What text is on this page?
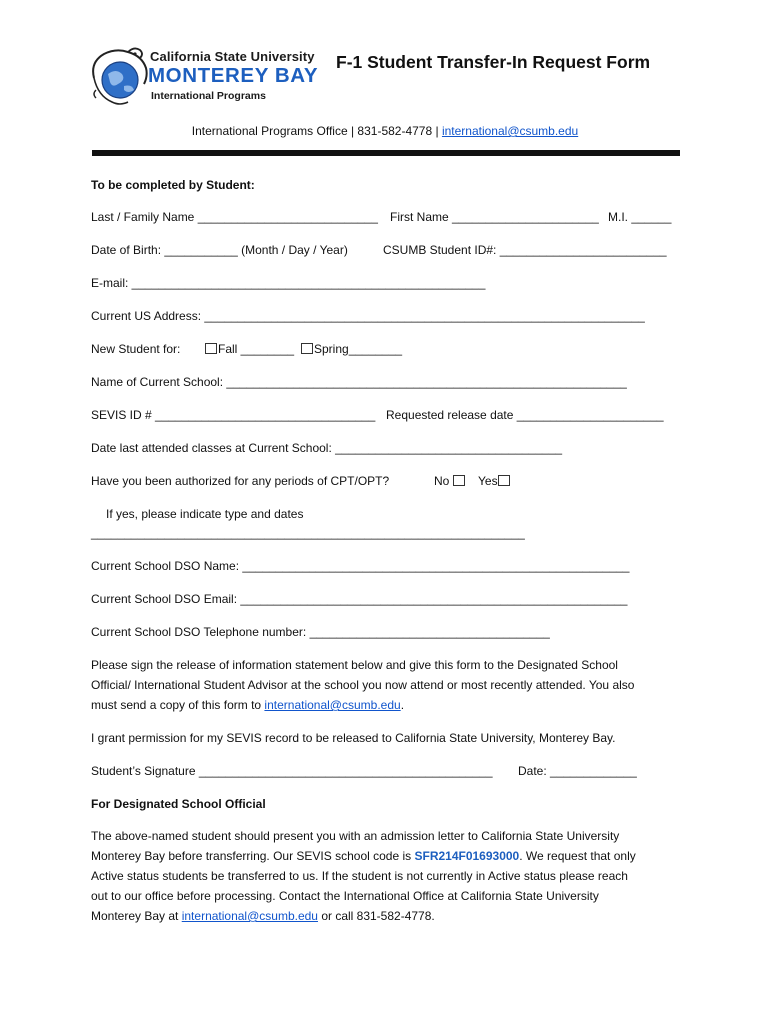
California State University
MONTEREY BAY
International Programs
F-1 Student Transfer-In Request Form
International Programs Office | 831-582-4778 | international@csumb.edu
To be completed by Student:
Last / Family Name ___________________________ First Name ______________________ M.I. ______
Date of Birth: ___________ (Month / Day / Year)	CSUMB Student ID#: _________________________
E-mail: _____________________________________________________
Current US Address: __________________________________________________________________
New Student for:	Fall ________	Spring________
Name of Current School: ____________________________________________________________
SEVIS ID # _________________________________ Requested release date ______________________
Date last attended classes at Current School: __________________________________
Have you been authorized for any periods of CPT/OPT?	No	Yes
If yes, please indicate type and dates
_________________________________________________________________
Current School DSO Name: __________________________________________________________
Current School DSO Email: __________________________________________________________
Current School DSO Telephone number: ____________________________________
Please sign the release of information statement below and give this form to the Designated School
Official/ International Student Advisor at the school you now attend or most recently attended. You also
must send a copy of this form to international@csumb.edu.
I grant permission for my SEVIS record to be released to California State University, Monterey Bay.
Student’s Signature ____________________________________________ Date: _____________
For Designated School Official
The above-named student should present you with an admission letter to California State University
Monterey Bay before transferring. Our SEVIS school code is SFR214F01693000. We request that only
Active status students be transferred to us. If the student is not currently in Active status please reach
out to our office before processing. Contact the International Office at California State University
Monterey Bay at international@csumb.edu or call 831-582-4778.
